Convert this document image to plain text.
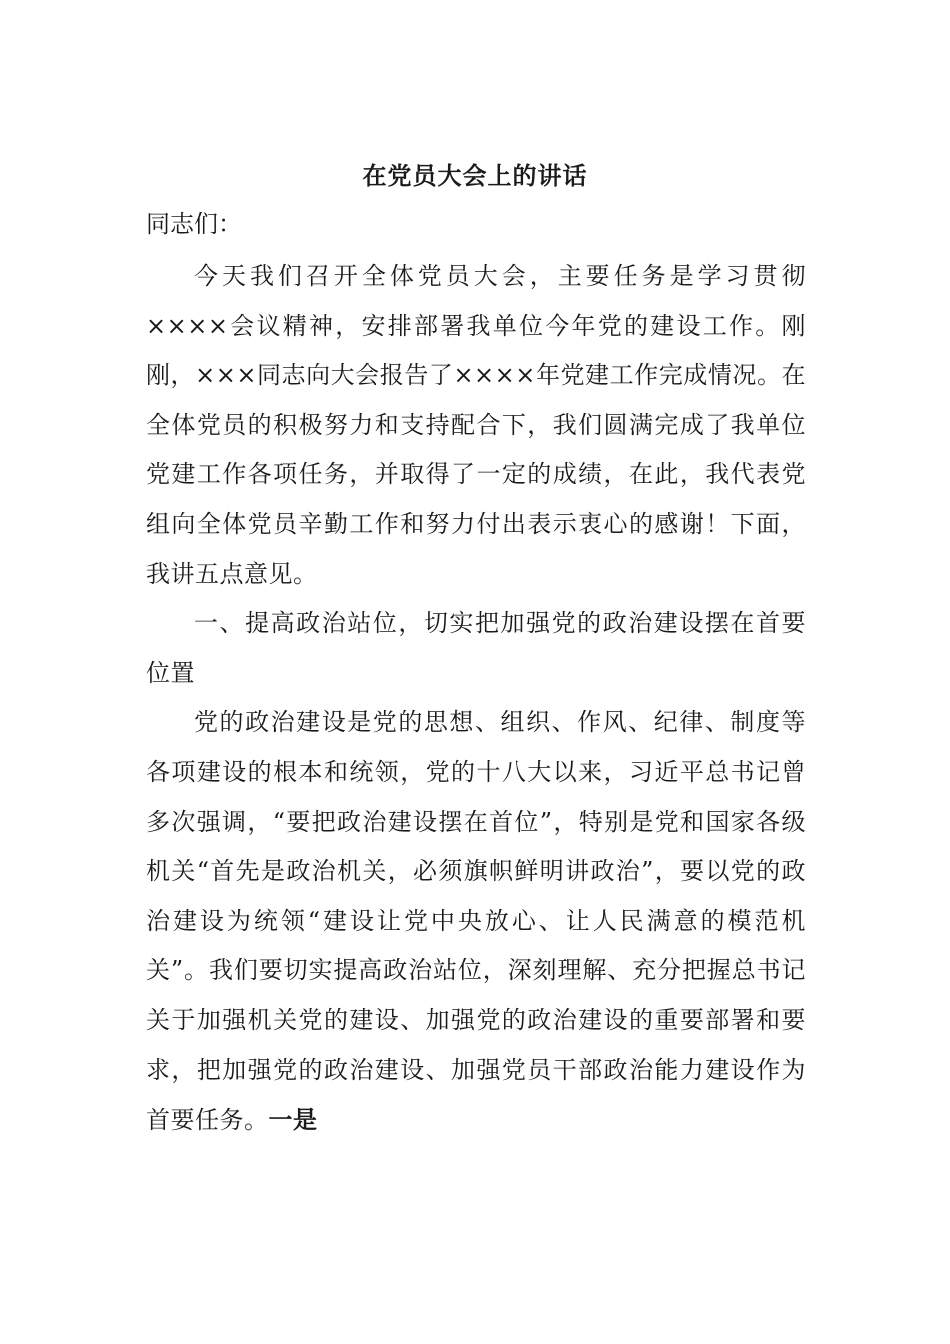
在党员大会上的讲话
同志们：

今天我们召开全体党员大会，主要任务是学习贯彻××××会议精神，安排部署我单位今年党的建设工作。刚刚，×××同志向大会报告了××××年党建工作完成情况。在全体党员的积极努力和支持配合下，我们圆满完成了我单位党建工作各项任务，并取得了一定的成绩，在此，我代表党组向全体党员辛勤工作和努力付出表示衷心的感谢！下面，我讲五点意见。

一、提高政治站位，切实把加强党的政治建设摆在首要位置

党的政治建设是党的思想、组织、作风、纪律、制度等各项建设的根本和统领，党的十八大以来，习近平总书记曾多次强调，“要把政治建设摆在首位”，特别是党和国家各级机关“首先是政治机关，必须旗帜鲜明讲政治”，要以党的政治建设为统领“建设让党中央放心、让人民满意的模范机关”。我们要切实提高政治站位，深刻理解、充分把握总书记关于加强机关党的建设、加强党的政治建设的重要部署和要求，把加强党的政治建设、加强党员干部政治能力建设作为首要任务。一是
